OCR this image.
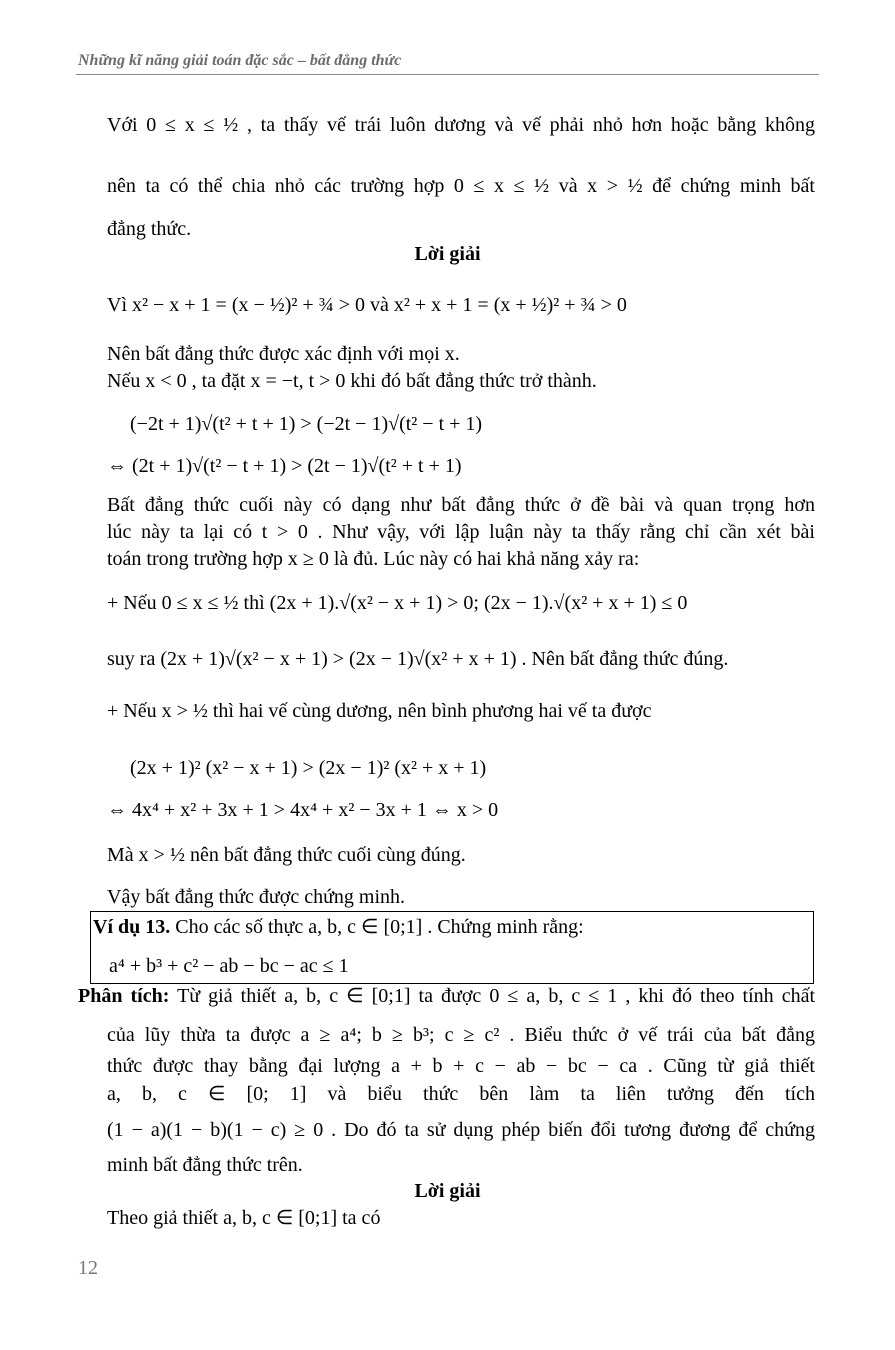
Những kĩ năng giải toán đặc sắc – bất đẳng thức
Với 0 ≤ x ≤ ½ , ta thấy vế trái luôn dương và vế phải nhỏ hơn hoặc bằng không
nên ta có thể chia nhỏ các trường hợp 0 ≤ x ≤ ½ và x > ½ để chứng minh bất
đẳng thức.
Lời giải
Vì x² − x + 1 = (x − ½)² + ¾ > 0 và x² + x + 1 = (x + ½)² + ¾ > 0
Nên bất đẳng thức được xác định với mọi x.
Nếu x < 0 , ta đặt x = −t, t > 0 khi đó bất đẳng thức trở thành.
(−2t + 1)√(t² + t + 1) > (−2t − 1)√(t² − t + 1)
⇔ (2t + 1)√(t² − t + 1) > (2t − 1)√(t² + t + 1)
Bất đẳng thức cuối này có dạng như bất đẳng thức ở đề bài và quan trọng hơn
lúc này ta lại có t > 0 . Như vậy, với lập luận này ta thấy rằng chỉ cần xét bài
toán trong trường hợp x ≥ 0 là đủ. Lúc này có hai khả năng xảy ra:
+ Nếu 0 ≤ x ≤ ½ thì (2x + 1).√(x² − x + 1) > 0; (2x − 1).√(x² + x + 1) ≤ 0
suy ra (2x + 1)√(x² − x + 1) > (2x − 1)√(x² + x + 1) . Nên bất đẳng thức đúng.
+ Nếu x > ½ thì hai vế cùng dương, nên bình phương hai vế ta được
(2x + 1)² (x² − x + 1) > (2x − 1)² (x² + x + 1)
⇔ 4x⁴ + x² + 3x + 1 > 4x⁴ + x² − 3x + 1 ⇔ x > 0
Mà x > ½ nên bất đẳng thức cuối cùng đúng.
Vậy bất đẳng thức được chứng minh.
Ví dụ 13. Cho các số thực a, b, c ∈ [0;1] . Chứng minh rằng:
a⁴ + b³ + c² − ab − bc − ac ≤ 1
Phân tích: Từ giả thiết a, b, c ∈ [0;1] ta được 0 ≤ a, b, c ≤ 1 , khi đó theo tính chất
của lũy thừa ta được a ≥ a⁴; b ≥ b³; c ≥ c² . Biểu thức ở vế trái của bất đẳng
thức được thay bằng đại lượng a + b + c − ab − bc − ca . Cũng từ giả thiết
a, b, c ∈ [0; 1] và biểu thức bên làm ta liên tưởng đến tích
(1 − a)(1 − b)(1 − c) ≥ 0 . Do đó ta sử dụng phép biến đổi tương đương để chứng
minh bất đẳng thức trên.
Lời giải
Theo giả thiết a, b, c ∈ [0;1] ta có
12
